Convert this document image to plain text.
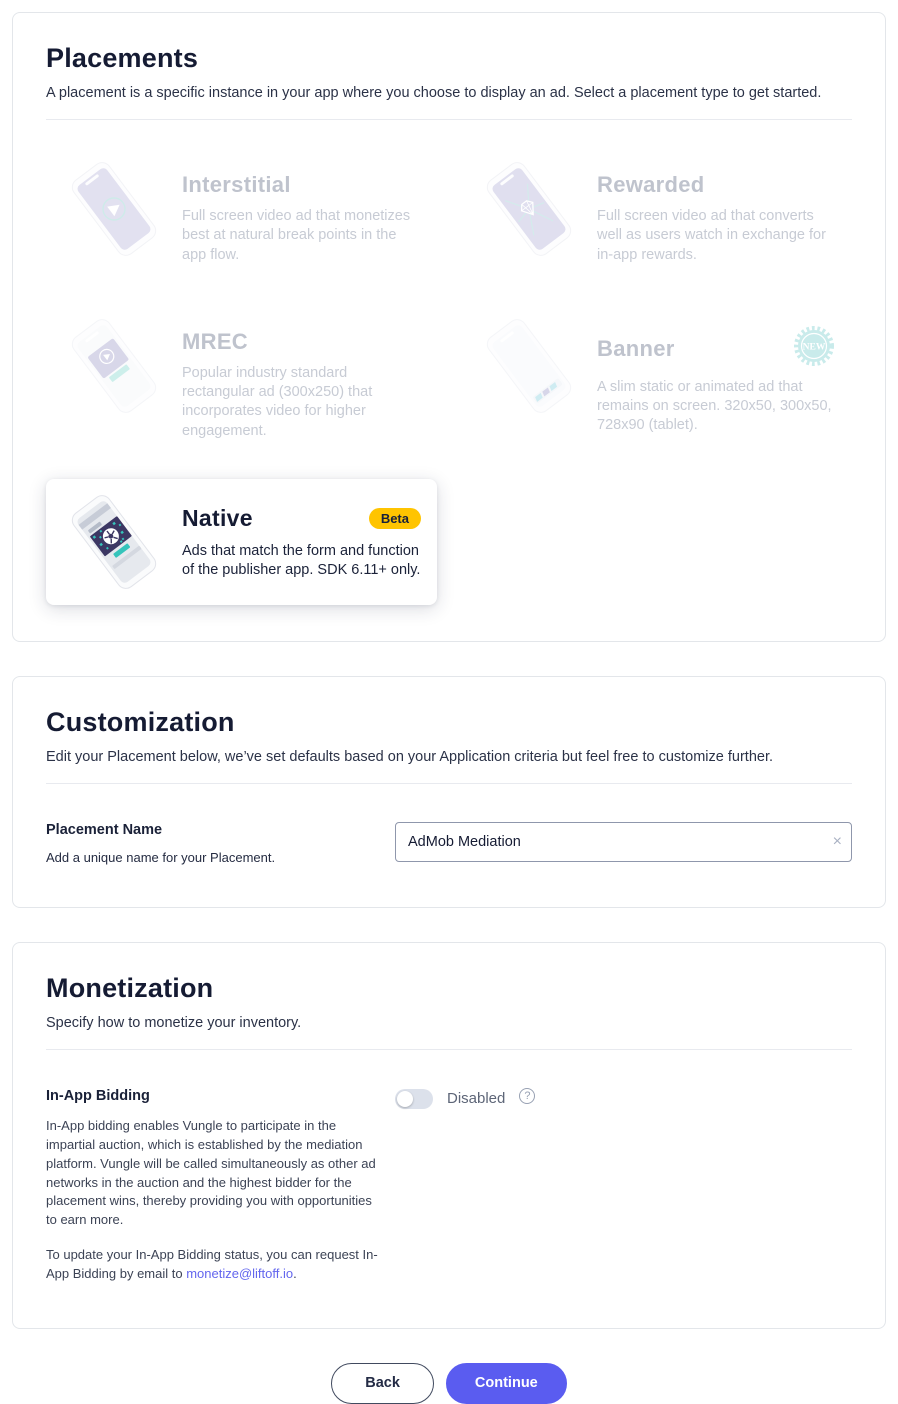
Placements

A placement is a specific instance in your app where you choose to display an ad. Select a placement type to get started.

Interstitial

Full screen video ad that monetizes best at natural break points in the app flow.

Rewarded

Full screen video ad that converts well as users watch in exchange for in-app rewards.

MREC

Popular industry standard rectangular ad (300x250) that incorporates video for higher engagement.

Banner	NEW

A slim static or animated ad that remains on screen. 320x50, 300x50, 728x90 (tablet).

Native	Beta

Ads that match the form and function of the publisher app. SDK 6.11+ only.

Customization

Edit your Placement below, we’ve set defaults based on your Application criteria but feel free to customize further.

Placement Name
Add a unique name for your Placement.
AdMob Mediation
×
Monetization

Specify how to monetize your inventory.

In-App Bidding

In-App bidding enables Vungle to participate in the impartial auction, which is established by the mediation platform. Vungle will be called simultaneously as other ad networks in the auction and the highest bidder for the placement wins, thereby providing you with opportunities to earn more.

To update your In-App Bidding status, you can request In-App Bidding by email to monetize@liftoff.io.

Disabled	?
Back	Continue
